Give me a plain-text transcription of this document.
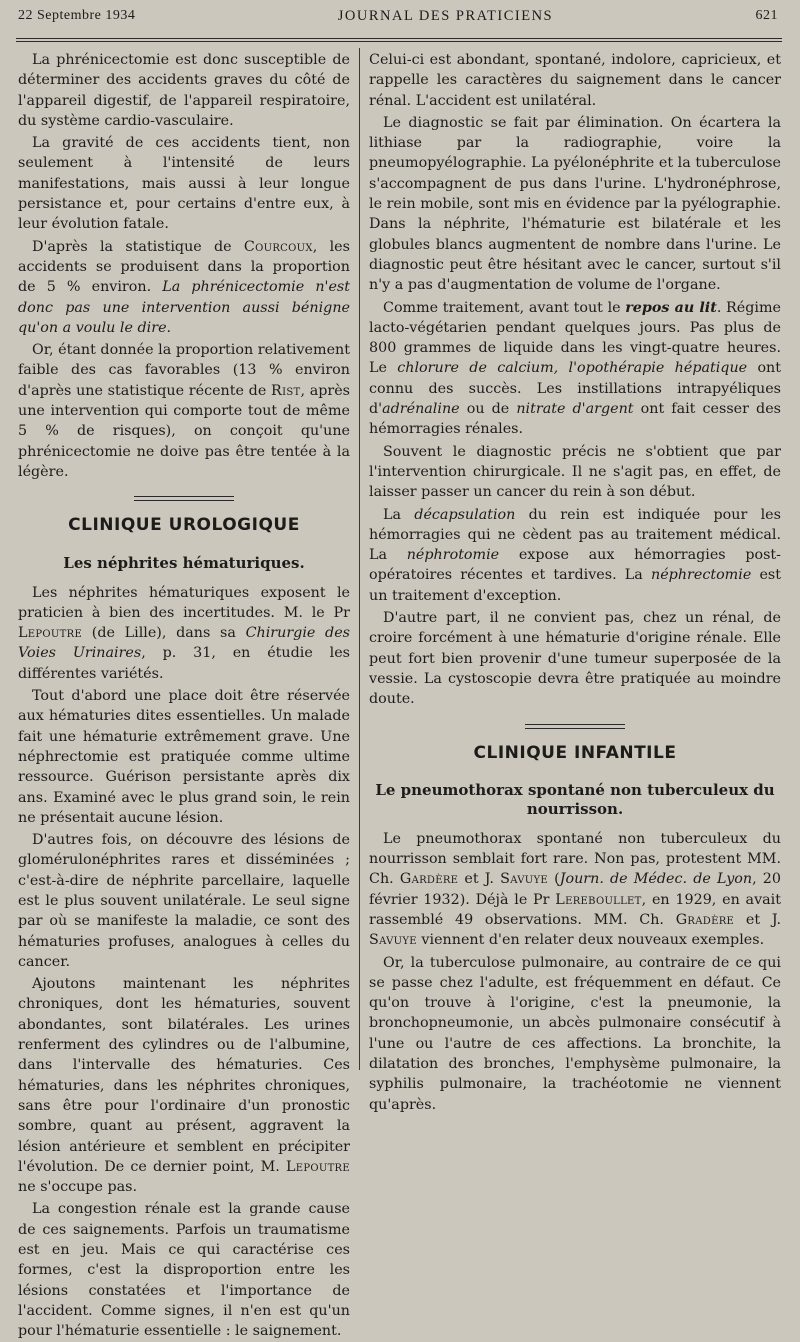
22 Septembre 1934	JOURNAL DES PRATICIENS	621

La phrénicectomie est donc susceptible de déterminer des accidents graves du côté de l'appareil digestif, de l'appareil respiratoire, du système cardio-vasculaire.

La gravité de ces accidents tient, non seulement à l'intensité de leurs manifestations, mais aussi à leur longue persistance et, pour certains d'entre eux, à leur évolution fatale.

D'après la statistique de Courcoux, les accidents se produisent dans la proportion de 5 % environ. La phrénicectomie n'est donc pas une intervention aussi bénigne qu'on a voulu le dire.

Or, étant donnée la proportion relativement faible des cas favorables (13 % environ d'après une statistique récente de Rist, après une intervention qui comporte tout de même 5 % de risques), on conçoit qu'une phrénicectomie ne doive pas être tentée à la légère.

CLINIQUE UROLOGIQUE
Les néphrites hématuriques.

Les néphrites hématuriques exposent le praticien à bien des incertitudes. M. le Pr Lepoutre (de Lille), dans sa Chirurgie des Voies Urinaires, p. 31, en étudie les différentes variétés.

Tout d'abord une place doit être réservée aux hématuries dites essentielles. Un malade fait une hématurie extrêmement grave. Une néphrectomie est pratiquée comme ultime ressource. Guérison persistante après dix ans. Examiné avec le plus grand soin, le rein ne présentait aucune lésion.

D'autres fois, on découvre des lésions de glomérulonéphrites rares et disséminées ; c'est-à-dire de néphrite parcellaire, laquelle est le plus souvent unilatérale. Le seul signe par où se manifeste la maladie, ce sont des hématuries profuses, analogues à celles du cancer.

Ajoutons maintenant les néphrites chroniques, dont les hématuries, souvent abondantes, sont bilatérales. Les urines renferment des cylindres ou de l'albumine, dans l'intervalle des hématuries. Ces hématuries, dans les néphrites chroniques, sans être pour l'ordinaire d'un pronostic sombre, quant au présent, aggravent la lésion antérieure et semblent en précipiter l'évolution. De ce dernier point, M. Lepoutre ne s'occupe pas.

La congestion rénale est la grande cause de ces saignements. Parfois un traumatisme est en jeu. Mais ce qui caractérise ces formes, c'est la disproportion entre les lésions constatées et l'importance de l'accident. Comme signes, il n'en est qu'un pour l'hématurie essentielle : le saignement.

Celui-ci est abondant, spontané, indolore, capricieux, et rappelle les caractères du saignement dans le cancer rénal. L'accident est unilatéral.

Le diagnostic se fait par élimination. On écartera la lithiase par la radiographie, voire la pneumopyélographie. La pyélonéphrite et la tuberculose s'accompagnent de pus dans l'urine. L'hydronéphrose, le rein mobile, sont mis en évidence par la pyélographie. Dans la néphrite, l'hématurie est bilatérale et les globules blancs augmentent de nombre dans l'urine. Le diagnostic peut être hésitant avec le cancer, surtout s'il n'y a pas d'augmentation de volume de l'organe.

Comme traitement, avant tout le repos au lit. Régime lacto-végétarien pendant quelques jours. Pas plus de 800 grammes de liquide dans les vingt-quatre heures. Le chlorure de calcium, l'opothérapie hépatique ont connu des succès. Les instillations intrapyéliques d'adrénaline ou de nitrate d'argent ont fait cesser des hémorragies rénales.

Souvent le diagnostic précis ne s'obtient que par l'intervention chirurgicale. Il ne s'agit pas, en effet, de laisser passer un cancer du rein à son début.

La décapsulation du rein est indiquée pour les hémorragies qui ne cèdent pas au traitement médical. La néphrotomie expose aux hémorragies post-opératoires récentes et tardives. La néphrectomie est un traitement d'exception.

D'autre part, il ne convient pas, chez un rénal, de croire forcément à une hématurie d'origine rénale. Elle peut fort bien provenir d'une tumeur superposée de la vessie. La cystoscopie devra être pratiquée au moindre doute.

CLINIQUE INFANTILE
Le pneumothorax spontané non tuberculeux du nourrisson.

Le pneumothorax spontané non tuberculeux du nourrisson semblait fort rare. Non pas, protestent MM. Ch. Gardère et J. Savuye (Journ. de Médec. de Lyon, 20 février 1932). Déjà le Pr Lereboullet, en 1929, en avait rassemblé 49 observations. MM. Ch. Gradère et J. Savuye viennent d'en relater deux nouveaux exemples.

Or, la tuberculose pulmonaire, au contraire de ce qui se passe chez l'adulte, est fréquemment en défaut. Ce qu'on trouve à l'origine, c'est la pneumonie, la bronchopneumonie, un abcès pulmonaire consécutif à l'une ou l'autre de ces affections. La bronchite, la dilatation des bronches, l'emphysème pulmonaire, la syphilis pulmonaire, la trachéotomie ne viennent qu'après.
